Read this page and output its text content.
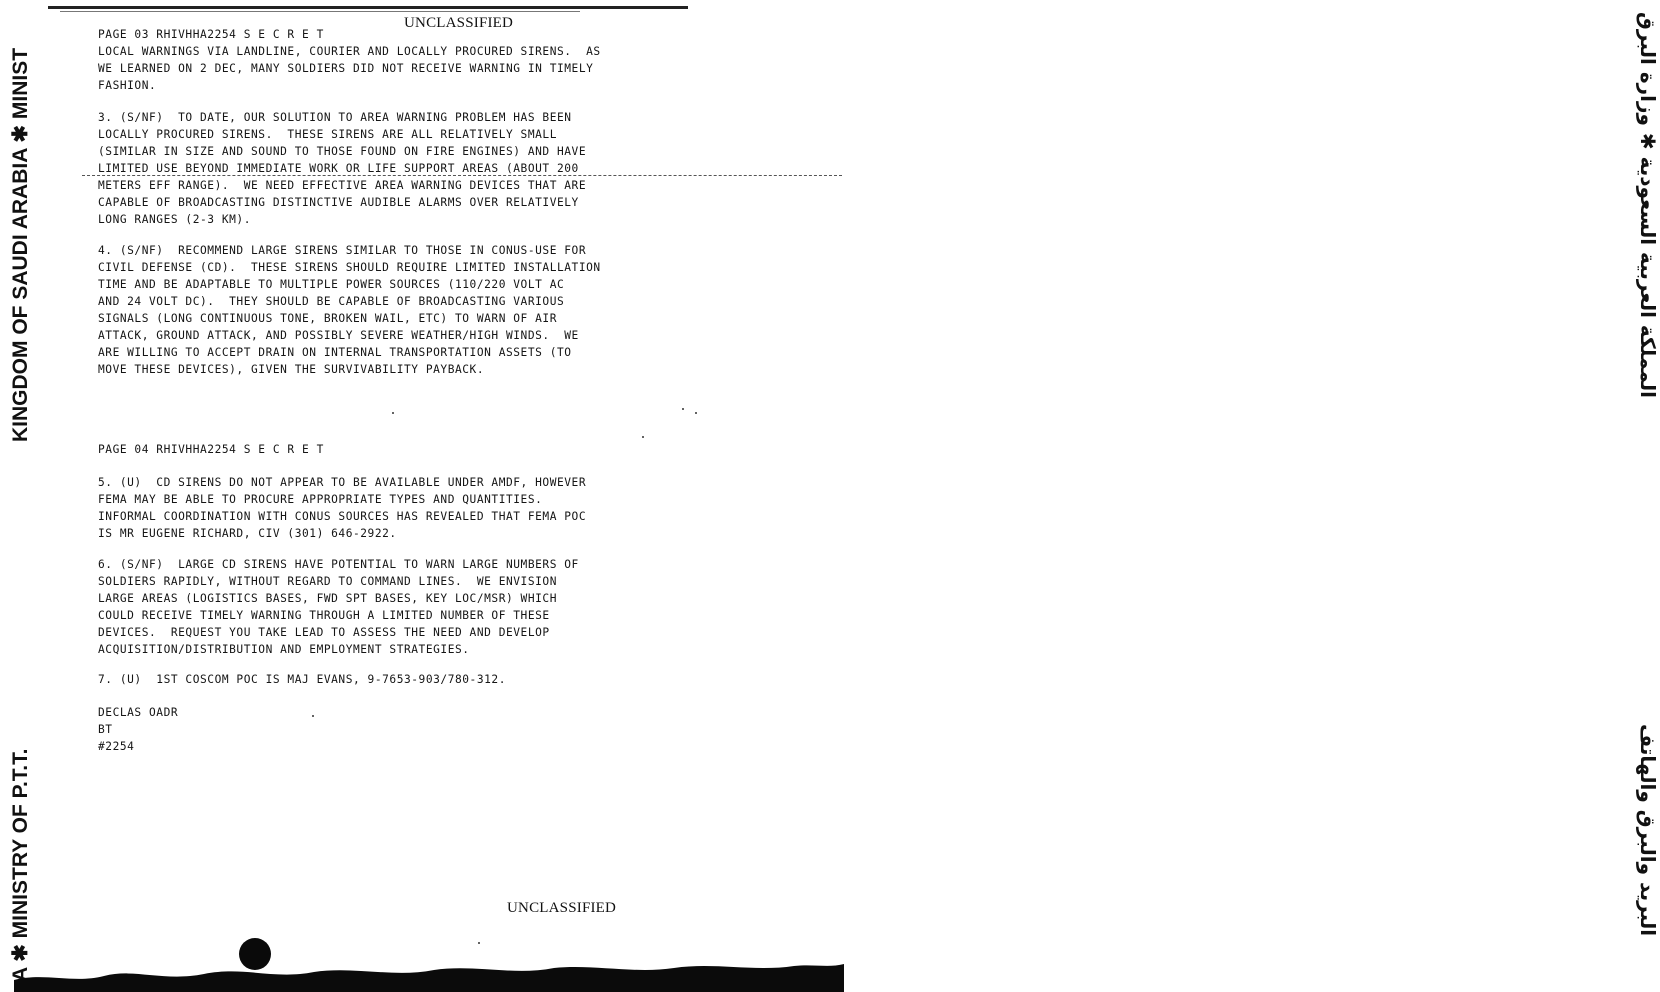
UNCLASSIFIED
KINGDOM OF SAUDI ARABIA ✱ MINIST
A ✱ MINISTRY OF P.T.T.
المملكة العربية السعودية ✱ وزارة البرق
البريد والبرق والهاتف
PAGE 03 RHIVHHA2254 S E C R E T
LOCAL WARNINGS VIA LANDLINE, COURIER AND LOCALLY PROCURED SIRENS.  AS
WE LEARNED ON 2 DEC, MANY SOLDIERS DID NOT RECEIVE WARNING IN TIMELY
FASHION.
3. (S/NF)  TO DATE, OUR SOLUTION TO AREA WARNING PROBLEM HAS BEEN
LOCALLY PROCURED SIRENS.  THESE SIRENS ARE ALL RELATIVELY SMALL
(SIMILAR IN SIZE AND SOUND TO THOSE FOUND ON FIRE ENGINES) AND HAVE
LIMITED USE BEYOND IMMEDIATE WORK OR LIFE SUPPORT AREAS (ABOUT 200
METERS EFF RANGE).  WE NEED EFFECTIVE AREA WARNING DEVICES THAT ARE
CAPABLE OF BROADCASTING DISTINCTIVE AUDIBLE ALARMS OVER RELATIVELY
LONG RANGES (2-3 KM).
4. (S/NF)  RECOMMEND LARGE SIRENS SIMILAR TO THOSE IN CONUS-USE FOR
CIVIL DEFENSE (CD).  THESE SIRENS SHOULD REQUIRE LIMITED INSTALLATION
TIME AND BE ADAPTABLE TO MULTIPLE POWER SOURCES (110/220 VOLT AC
AND 24 VOLT DC).  THEY SHOULD BE CAPABLE OF BROADCASTING VARIOUS
SIGNALS (LONG CONTINUOUS TONE, BROKEN WAIL, ETC) TO WARN OF AIR
ATTACK, GROUND ATTACK, AND POSSIBLY SEVERE WEATHER/HIGH WINDS.  WE
ARE WILLING TO ACCEPT DRAIN ON INTERNAL TRANSPORTATION ASSETS (TO
MOVE THESE DEVICES), GIVEN THE SURVIVABILITY PAYBACK.
PAGE 04 RHIVHHA2254 S E C R E T
5. (U)  CD SIRENS DO NOT APPEAR TO BE AVAILABLE UNDER AMDF, HOWEVER
FEMA MAY BE ABLE TO PROCURE APPROPRIATE TYPES AND QUANTITIES.
INFORMAL COORDINATION WITH CONUS SOURCES HAS REVEALED THAT FEMA POC
IS MR EUGENE RICHARD, CIV (301) 646-2922.
6. (S/NF)  LARGE CD SIRENS HAVE POTENTIAL TO WARN LARGE NUMBERS OF
SOLDIERS RAPIDLY, WITHOUT REGARD TO COMMAND LINES.  WE ENVISION
LARGE AREAS (LOGISTICS BASES, FWD SPT BASES, KEY LOC/MSR) WHICH
COULD RECEIVE TIMELY WARNING THROUGH A LIMITED NUMBER OF THESE
DEVICES.  REQUEST YOU TAKE LEAD TO ASSESS THE NEED AND DEVELOP
ACQUISITION/DISTRIBUTION AND EMPLOYMENT STRATEGIES.
7. (U)  1ST COSCOM POC IS MAJ EVANS, 9-7653-903/780-312.
DECLAS OADR
BT
#2254
UNCLASSIFIED
